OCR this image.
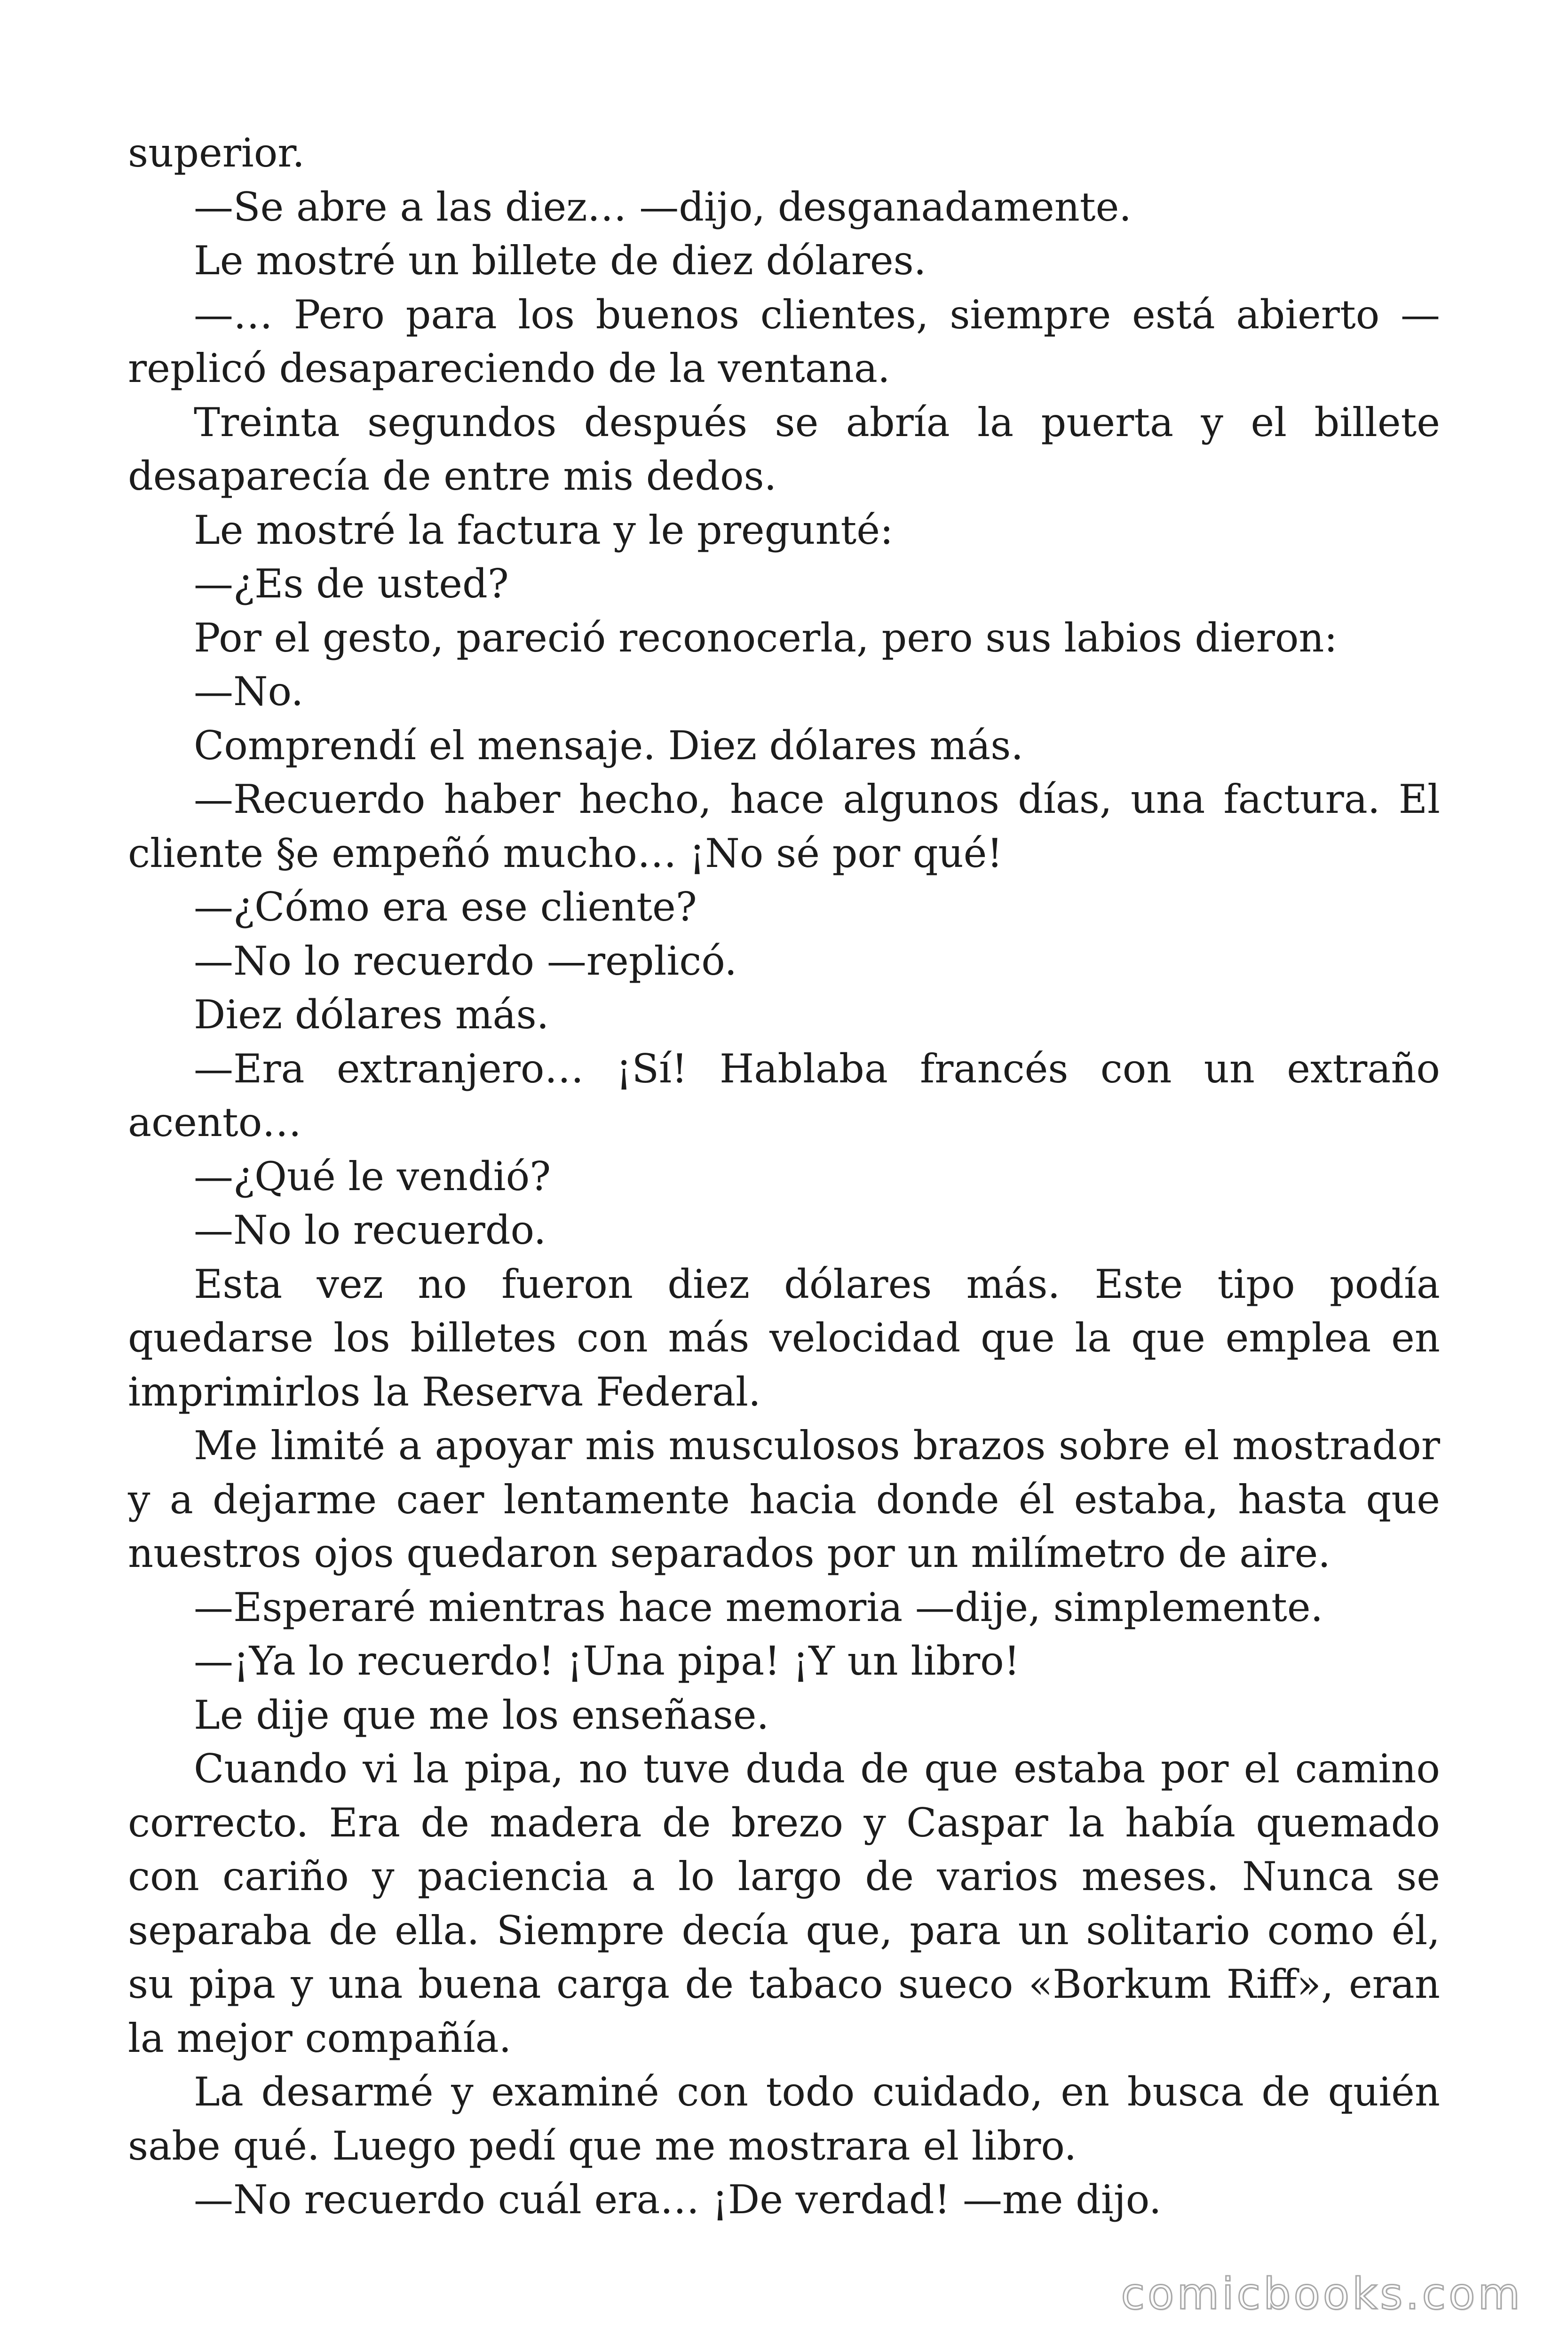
superior.

—Se abre a las diez… —dijo, desganadamente.

Le mostré un billete de diez dólares.

—… Pero para los buenos clientes, siempre está abierto —replicó desapareciendo de la ventana.

Treinta segundos después se abría la puerta y el billete desaparecía de entre mis dedos.

Le mostré la factura y le pregunté:

—¿Es de usted?

Por el gesto, pareció reconocerla, pero sus labios dieron:

—No.

Comprendí el mensaje. Diez dólares más.

—Recuerdo haber hecho, hace algunos días, una factura. El cliente §e empeñó mucho… ¡No sé por qué!

—¿Cómo era ese cliente?

—No lo recuerdo —replicó.

Diez dólares más.

—Era extranjero… ¡Sí! Hablaba francés con un extraño acento…

—¿Qué le vendió?

—No lo recuerdo.

Esta vez no fueron diez dólares más. Este tipo podía quedarse los billetes con más velocidad que la que emplea en imprimirlos la Reserva Federal.

Me limité a apoyar mis musculosos brazos sobre el mostrador y a dejarme caer lentamente hacia donde él estaba, hasta que nuestros ojos quedaron separados por un milímetro de aire.

—Esperaré mientras hace memoria —dije, simplemente.

—¡Ya lo recuerdo! ¡Una pipa! ¡Y un libro!

Le dije que me los enseñase.

Cuando vi la pipa, no tuve duda de que estaba por el camino correcto. Era de madera de brezo y Caspar la había quemado con cariño y paciencia a lo largo de varios meses. Nunca se separaba de ella. Siempre decía que, para un solitario como él, su pipa y una buena carga de tabaco sueco «Borkum Riff», eran la mejor compañía.

La desarmé y examiné con todo cuidado, en busca de quién sabe qué. Luego pedí que me mostrara el libro.

—No recuerdo cuál era… ¡De verdad! —me dijo.

comicbooks.com
